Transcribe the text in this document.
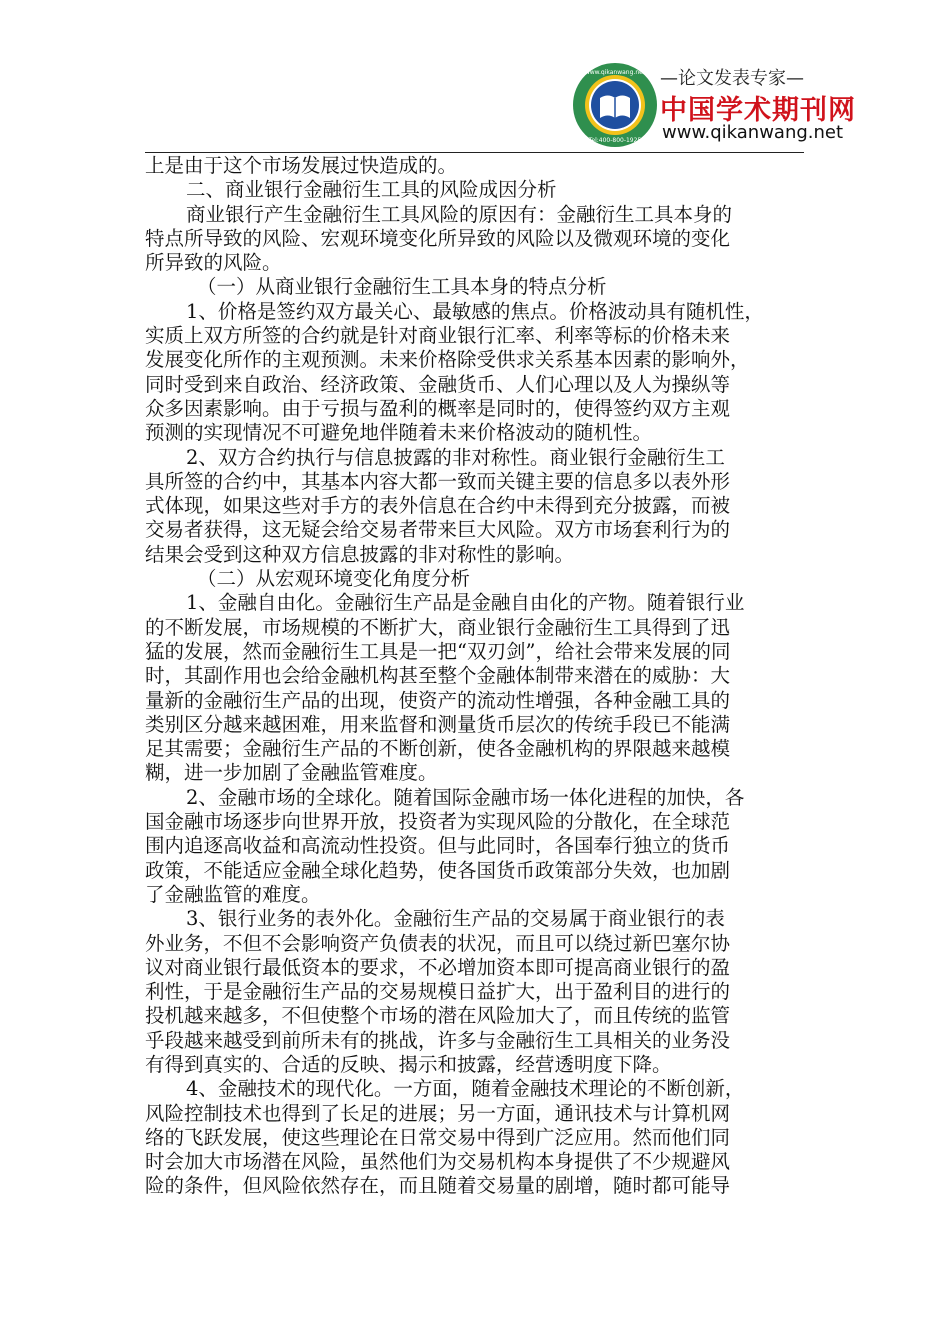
www.qikanwang.net
Tel:400-800-1925
—论文发表专家—
中国学术期刊网
www.qikanwang.net
上是由于这个市场发展过快造成的。
二、商业银行金融衍生工具的风险成因分析
商业银行产生金融衍生工具风险的原因有：金融衍生工具本身的
特点所导致的风险、宏观环境变化所异致的风险以及微观环境的变化
所异致的风险。
（一）从商业银行金融衍生工具本身的特点分析
1、价格是签约双方最关心、最敏感的焦点。价格波动具有随机性，
实质上双方所签的合约就是针对商业银行汇率、利率等标的价格未来
发展变化所作的主观预测。未来价格除受供求关系基本因素的影响外，
同时受到来自政治、经济政策、金融货币、人们心理以及人为操纵等
众多因素影响。由于亏损与盈利的概率是同时的，使得签约双方主观
预测的实现情况不可避免地伴随着未来价格波动的随机性。
2、双方合约执行与信息披露的非对称性。商业银行金融衍生工
具所签的合约中，其基本内容大都一致而关键主要的信息多以表外形
式体现，如果这些对手方的表外信息在合约中未得到充分披露，而被
交易者获得，这无疑会给交易者带来巨大风险。双方市场套利行为的
结果会受到这种双方信息披露的非对称性的影响。
（二）从宏观环境变化角度分析
1、金融自由化。金融衍生产品是金融自由化的产物。随着银行业
的不断发展，市场规模的不断扩大，商业银行金融衍生工具得到了迅
猛的发展，然而金融衍生工具是一把“双刃剑”，给社会带来发展的同
时，其副作用也会给金融机构甚至整个金融体制带来潜在的威胁：大
量新的金融衍生产品的出现，使资产的流动性增强，各种金融工具的
类别区分越来越困难，用来监督和测量货币层次的传统手段已不能满
足其需要；金融衍生产品的不断创新，使各金融机构的界限越来越模
糊，进一步加剧了金融监管难度。
2、金融市场的全球化。随着国际金融市场一体化进程的加快，各
国金融市场逐步向世界开放，投资者为实现风险的分散化，在全球范
围内追逐高收益和高流动性投资。但与此同时，各国奉行独立的货币
政策，不能适应金融全球化趋势，使各国货币政策部分失效，也加剧
了金融监管的难度。
3、银行业务的表外化。金融衍生产品的交易属于商业银行的表
外业务，不但不会影响资产负债表的状况，而且可以绕过新巴塞尔协
议对商业银行最低资本的要求，不必增加资本即可提高商业银行的盈
利性，于是金融衍生产品的交易规模日益扩大，出于盈利目的进行的
投机越来越多，不但使整个市场的潜在风险加大了，而且传统的监管
乎段越来越受到前所未有的挑战，许多与金融衍生工具相关的业务没
有得到真实的、合适的反映、揭示和披露，经营透明度下降。
4、金融技术的现代化。一方面，随着金融技术理论的不断创新，
风险控制技术也得到了长足的进展；另一方面，通讯技术与计算机网
络的飞跃发展，使这些理论在日常交易中得到广泛应用。然而他们同
时会加大市场潜在风险，虽然他们为交易机构本身提供了不少规避风
险的条件，但风险依然存在，而且随着交易量的剧增，随时都可能导
